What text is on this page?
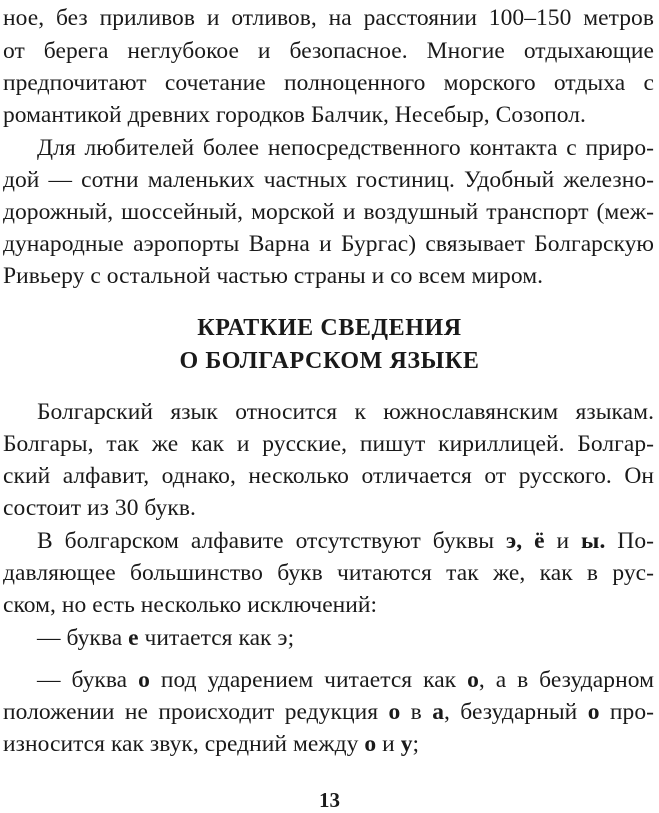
ное, без приливов и отливов, на расстоянии 100–150 метров
от берега неглубокое и безопасное. Многие отдыхающие
предпочитают сочетание полноценного морского отдыха с
романтикой древних городков Балчик, Несебыр, Созопол.
Для любителей более непосредственного контакта с приро-
дой — сотни маленьких частных гостиниц. Удобный железно-
дорожный, шоссейный, морской и воздушный транспорт (меж-
дународные аэропорты Варна и Бургас) связывает Болгарскую
Ривьеру с остальной частью страны и со всем миром.
КРАТКИЕ СВЕДЕНИЯ
О БОЛГАРСКОМ ЯЗЫКЕ
Болгарский язык относится к южнославянским языкам.
Болгары, так же как и русские, пишут кириллицей. Болгар-
ский алфавит, однако, несколько отличается от русского. Он
состоит из 30 букв.
В болгарском алфавите отсутствуют буквы э, ё и ы. По-
давляющее большинство букв читаются так же, как в рус-
ском, но есть несколько исключений:
— буква е читается как э;
— буква о под ударением читается как о, а в безударном
положении не происходит редукция о в а, безударный о про-
износится как звук, средний между о и у;
13
